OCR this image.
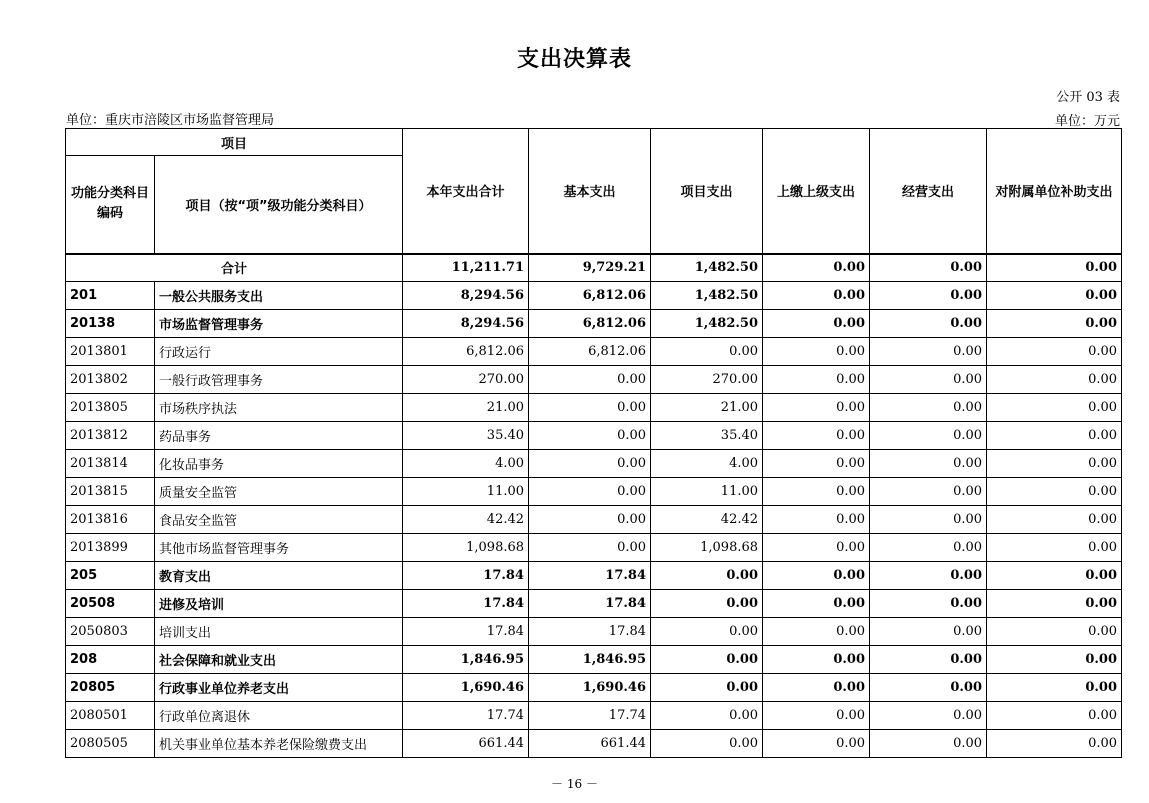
支出决算表
公开 03 表
单位：重庆市涪陵区市场监督管理局	单位：万元
项目		本年支出合计	基本支出	项目支出	上缴上级支出	经营支出	对附属单位补助支出
功能分类科目编码	项目（按“项”级功能分类科目）						
合计		11,211.71	9,729.21	1,482.50	0.00	0.00	0.00
201	一般公共服务支出	8,294.56	6,812.06	1,482.50	0.00	0.00	0.00
20138	市场监督管理事务	8,294.56	6,812.06	1,482.50	0.00	0.00	0.00
2013801	行政运行	6,812.06	6,812.06	0.00	0.00	0.00	0.00
2013802	一般行政管理事务	270.00	0.00	270.00	0.00	0.00	0.00
2013805	市场秩序执法	21.00	0.00	21.00	0.00	0.00	0.00
2013812	药品事务	35.40	0.00	35.40	0.00	0.00	0.00
2013814	化妆品事务	4.00	0.00	4.00	0.00	0.00	0.00
2013815	质量安全监管	11.00	0.00	11.00	0.00	0.00	0.00
2013816	食品安全监管	42.42	0.00	42.42	0.00	0.00	0.00
2013899	其他市场监督管理事务	1,098.68	0.00	1,098.68	0.00	0.00	0.00
205	教育支出	17.84	17.84	0.00	0.00	0.00	0.00
20508	进修及培训	17.84	17.84	0.00	0.00	0.00	0.00
2050803	培训支出	17.84	17.84	0.00	0.00	0.00	0.00
208	社会保障和就业支出	1,846.95	1,846.95	0.00	0.00	0.00	0.00
20805	行政事业单位养老支出	1,690.46	1,690.46	0.00	0.00	0.00	0.00
2080501	行政单位离退休	17.74	17.74	0.00	0.00	0.00	0.00
2080505	机关事业单位基本养老保险缴费支出	661.44	661.44	0.00	0.00	0.00	0.00
－ 16 －
